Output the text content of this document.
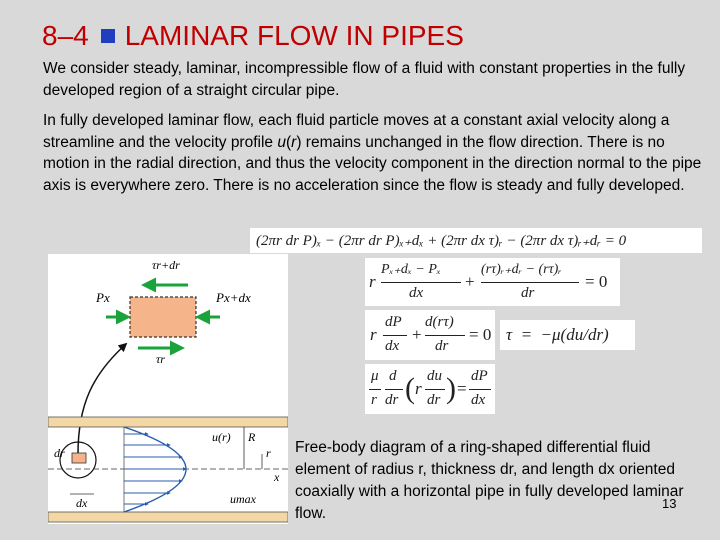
8–4 LAMINAR FLOW IN PIPES
We consider steady, laminar, incompressible flow of a fluid with constant properties in the fully developed region of a straight circular pipe.
In fully developed laminar flow, each fluid particle moves at a constant axial velocity along a streamline and the velocity profile u(r) remains unchanged in the flow direction. There is no motion in the radial direction, and thus the velocity component in the direction normal to the pipe axis is everywhere zero. There is no acceleration since the flow is steady and fully developed.
(2πr dr P)ₓ − (2πr dr P)ₓ₊dₓ + (2πr dx τ)ᵣ − (2πr dx τ)ᵣ₊dᵣ = 0
r
Pₓ₊dₓ − Pₓ
dx
+
(rτ)ᵣ₊dᵣ − (rτ)ᵣ
dr
= 0
r
dP
dx
+
d(rτ)
dr
= 0 τ  =  −μ(du/dr)
μ
r
d
dr ( r
du
dr ) =
dP
dx
τr+dr
Px	Px+dx
τr
u(r) R
r
x
umax
dr
dx
Free-body diagram of a ring-shaped differential fluid element of radius r, thickness dr, and length dx oriented coaxially with a horizontal pipe in fully developed laminar flow.
13
